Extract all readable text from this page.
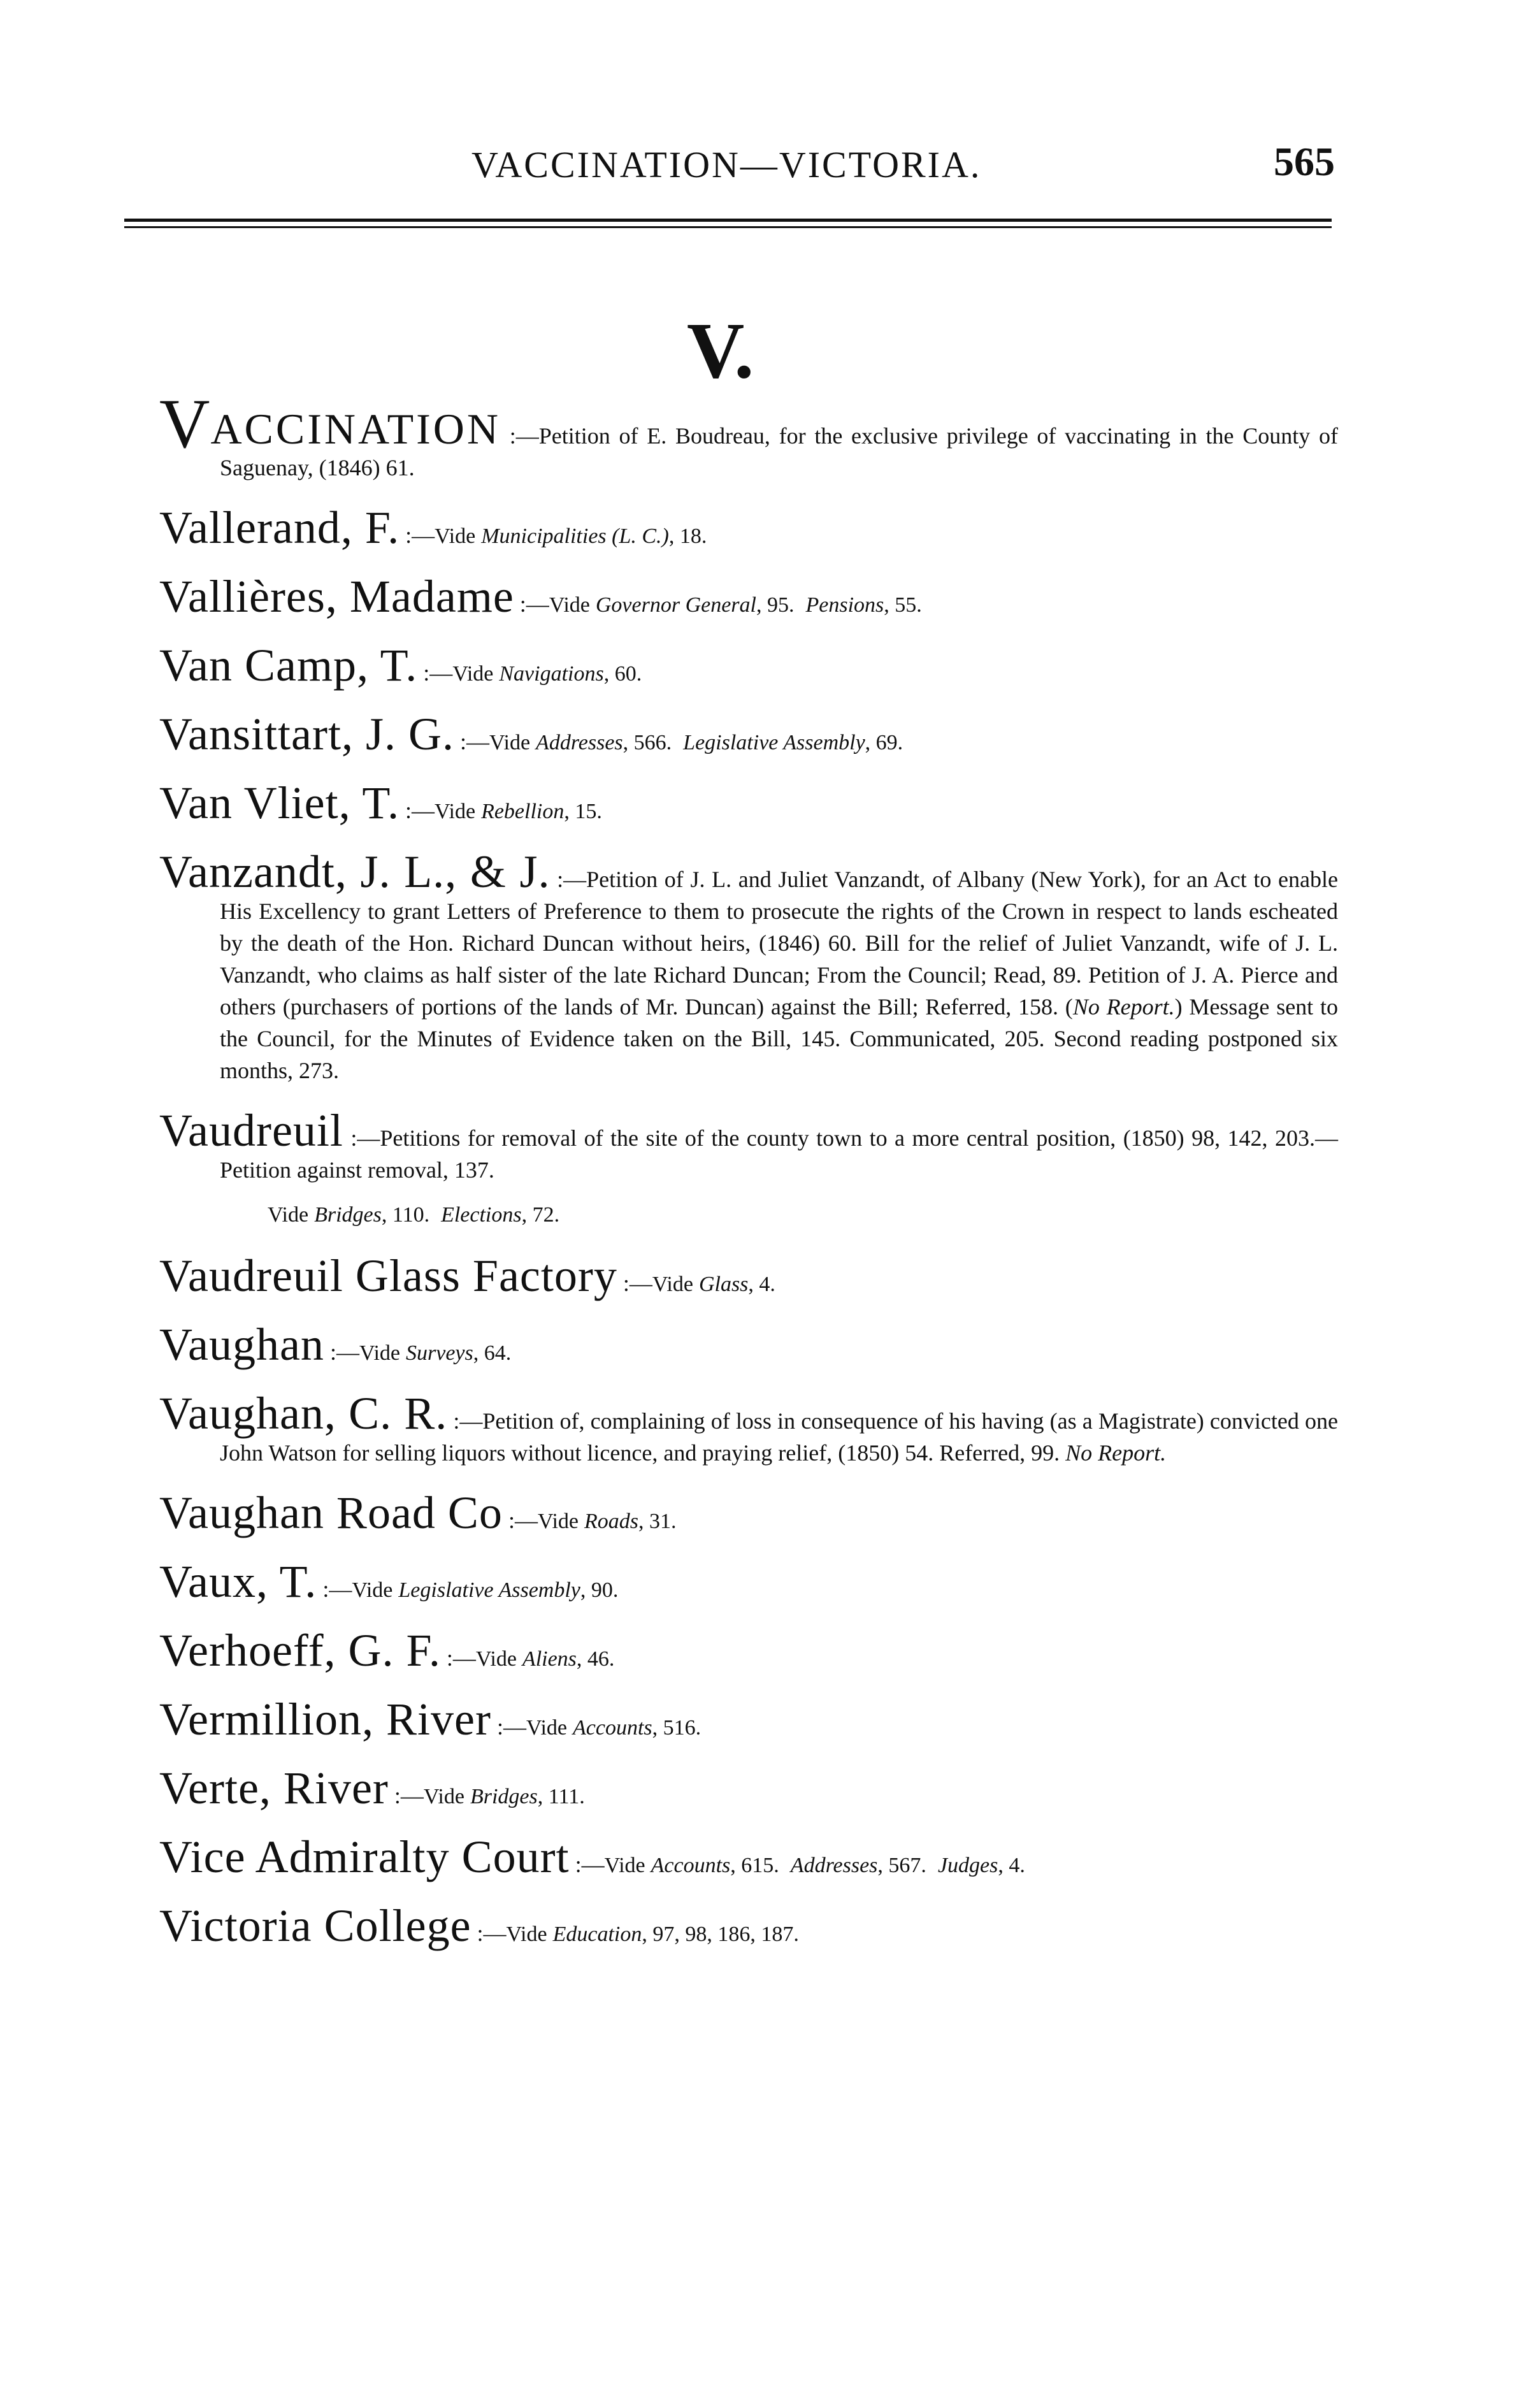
VACCINATION—VICTORIA.	565
V.
VACCINATION :—Petition of E. Boudreau, for the exclusive privilege of vaccinating in the County of Saguenay, (1846) 61.
Vallerand, F. :—Vide Municipalities (L. C.), 18.
Vallières, Madame :—Vide Governor General, 95. Pensions, 55.
Van Camp, T. :—Vide Navigations, 60.
Vansittart, J. G. :—Vide Addresses, 566. Legislative Assembly, 69.
Van Vliet, T. :—Vide Rebellion, 15.
Vanzandt, J. L., & J. :—Petition of J. L. and Juliet Vanzandt, of Albany (New York), for an Act to enable His Excellency to grant Letters of Preference to them to prosecute the rights of the Crown in respect to lands escheated by the death of the Hon. Richard Duncan without heirs, (1846) 60. Bill for the relief of Juliet Vanzandt, wife of J. L. Vanzandt, who claims as half sister of the late Richard Duncan; From the Council; Read, 89. Petition of J. A. Pierce and others (purchasers of portions of the lands of Mr. Duncan) against the Bill; Referred, 158. (No Report.) Message sent to the Council, for the Minutes of Evidence taken on the Bill, 145. Communicated, 205. Second reading postponed six months, 273.
Vaudreuil :—Petitions for removal of the site of the county town to a more central position, (1850) 98, 142, 203.—Petition against removal, 137.
Vide Bridges, 110. Elections, 72.
Vaudreuil Glass Factory :—Vide Glass, 4.
Vaughan :—Vide Surveys, 64.
Vaughan, C. R. :—Petition of, complaining of loss in consequence of his having (as a Magistrate) convicted one John Watson for selling liquors without licence, and praying relief, (1850) 54. Referred, 99. No Report.
Vaughan Road Co :—Vide Roads, 31.
Vaux, T. :—Vide Legislative Assembly, 90.
Verhoeff, G. F. :—Vide Aliens, 46.
Vermillion, River :—Vide Accounts, 516.
Verte, River :—Vide Bridges, 111.
Vice Admiralty Court :—Vide Accounts, 615. Addresses, 567. Judges, 4.
Victoria College :—Vide Education, 97, 98, 186, 187.
